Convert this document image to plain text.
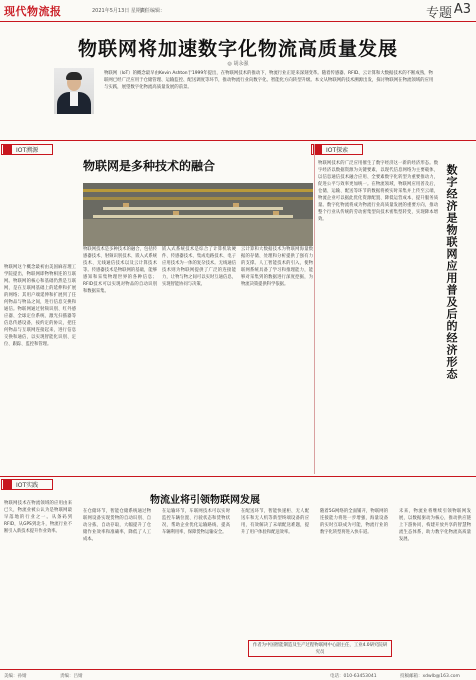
现代物流报	2021年5月13日 星期四
责任编辑：	专题 A3
物联网将加速数字化物流高质量发展
◎ 胡永强
物联网（IoT）的概念最早由Kevin Ashton于1999年提出，在物联网技术的推动下，物流行业正迎来深刻变革。随着传感器、RFID、云计算和大数据技术的不断成熟，物联网已经广泛应用于仓储管理、运输监控、配送调度等环节，推动物流行业向数字化、智能化方向转型升级。本文从物联网的技术溯源出发，探讨物联网在物流领域的应用与实践，展望数字化物流高质量发展的前景。
IOT溯源	IOT探索
物联网是多种技术的融合	数字经济是物联网应用普及后的经济形态
物联网这个概念最初由美国麻省理工学院提出，物联网即物物相连的互联网。物联网的核心和基础仍然是互联网，是在互联网基础上的延伸和扩展的网络；其用户端延伸和扩展到了任何物品与物品之间，进行信息交换和通信。物联网通过射频识别、红外感应器、全球定位系统、激光扫描器等信息传感设备，按约定的协议，把任何物品与互联网连接起来，进行信息交换和通信，以实现智能化识别、定位、跟踪、监控和管理。
物联网技术是多种技术的融合，包括传感器技术、射频识别技术、嵌入式系统技术、无线通信技术以及云计算技术等。传感器技术是物联网的基础，能够感知和采集物理世界的各种信息；RFID技术可以实现对物品的自动识别和数据采集。
嵌入式系统技术是综合了计算机软硬件、传感器技术、集成电路技术、电子应用技术为一体的复杂技术。无线通信技术则为物联网提供了广泛的连接能力，让物与物之间可以实时互通信息，实现智能协同与决策。
云计算和大数据技术为物联网海量数据的存储、处理和分析提供了强有力的支撑。人工智能技术的引入，使物联网系统具备了学习和推理能力，能够对采集到的数据进行深度挖掘，为物流决策提供科学依据。
物联网技术的广泛应用催生了数字经济这一新的经济形态。数字经济以数据资源为关键要素，以现代信息网络为主要载体，以信息通信技术融合应用、全要素数字化转型为重要推动力，促进公平与效率更加统一。在物流领域，物联网应用普及后，仓储、运输、配送等环节的数据将被实时采集并上传至云端，物流企业可以据此优化资源配置、降低运营成本、提升服务质量。数字化物流将成为物流行业高质量发展的重要方向，推动整个行业从传统的劳动密集型向技术密集型转变，实现降本增效。
IOT实践
物流业将引领物联网发展
物联网技术在物流领域的应用由来已久，物流业被公认为是物联网最早落地的行业之一。从条码到RFID，从GPS到北斗，物流行业不断引入新技术提升作业效率。
在仓储环节，智能仓储系统通过物联网设备实现货物的自动识别、自动分拣、自动存取，大幅提升了仓储作业效率和准确率，降低了人工成本。
在运输环节，车联网技术可以实时监控车辆位置、行驶状态和货物状况，帮助企业优化运输路线、提高车辆利用率，保障货物运输安全。
在配送环节，智能快递柜、无人配送车和无人机等新型终端设备的应用，有效解决了末端配送难题，提升了用户体验和配送效率。
随着5G网络的全面铺开，物联网的连接能力将进一步增强，海量设备的实时互联成为可能，物流行业的数字化转型将进入快车道。
未来，物流业将继续引领物联网发展，以数据驱动为核心，推动供应链上下游协同，构建开放共享的智慧物流生态体系，助力数字化物流高质量发展。
作者为中国智能制造及生产过程物联网中心副主任，工业4.0研究院研究员
美编：孙婧	责编：吕婧	电话：010-63453041	投稿邮箱：xdwlb@163.com
